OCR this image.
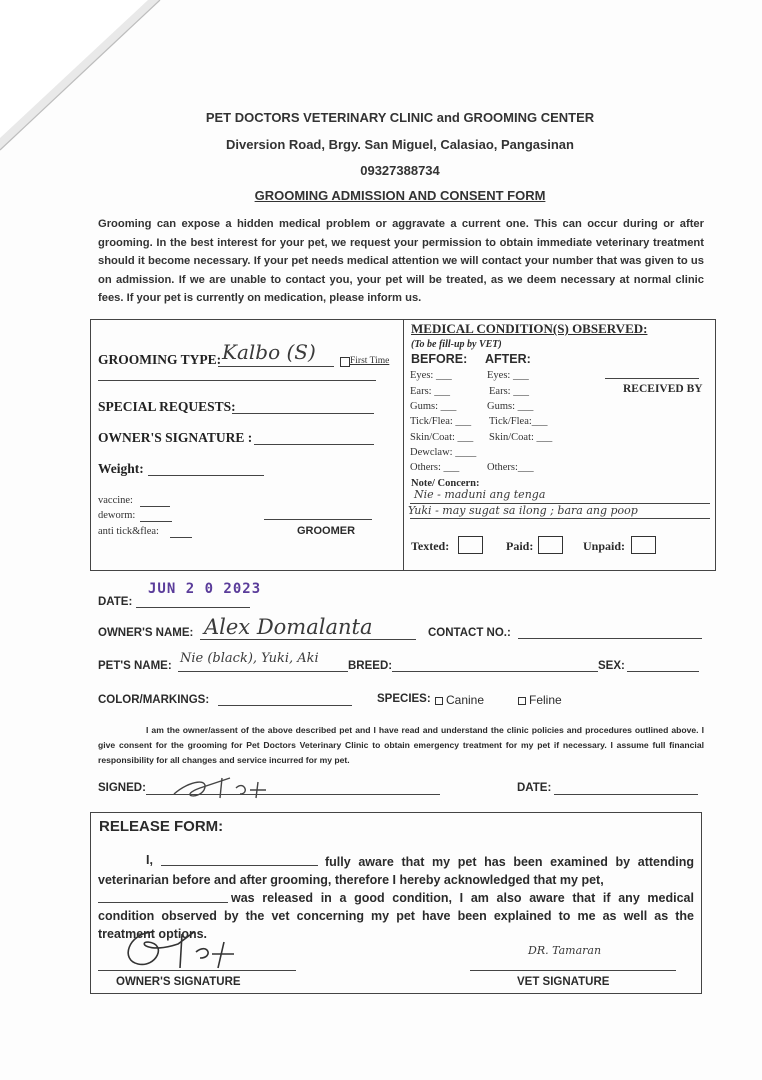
PET DOCTORS VETERINARY CLINIC and GROOMING CENTER
Diversion Road, Brgy. San Miguel, Calasiao, Pangasinan
09327388734
GROOMING ADMISSION AND CONSENT FORM
Grooming can expose a hidden medical problem or aggravate a current one. This can occur during or after grooming. In the best interest for your pet, we request your permission to obtain immediate veterinary treatment should it become necessary. If your pet needs medical attention we will contact your number that was given to us on admission. If we are unable to contact you, your pet will be treated, as we deem necessary at normal clinic fees. If your pet is currently on medication, please inform us.
GROOMING TYPE: Kalbo (S)	First Time
SPECIAL REQUESTS:
OWNER'S SIGNATURE :
Weight:
vaccine:
deworm:
anti tick&flea:	GROOMER
MEDICAL CONDITION(S) OBSERVED:
(To be fill-up by VET)
BEFORE: AFTER:
Eyes: ___	Eyes: ___
Ears: ___	Ears: ___
Gums: ___	Gums: ___
Tick/Flea: ___ Tick/Flea:___
Skin/Coat: ___ Skin/Coat: ___
Dewclaw: ____
Others: ___	Others:___
RECEIVED BY
Note/ Concern:
Nie - maduni ang tenga
Yuki - may sugat sa ilong ; bara ang poop
Texted:	Paid:	Unpaid:
DATE:
JUN 2 0 2023
OWNER'S NAME: Alex Domalanta	CONTACT NO.:
PET'S NAME: Nie (black), Yuki, Aki	BREED:	SEX:
COLOR/MARKINGS:	SPECIES: Canine	Feline
I am the owner/assent of the above described pet and I have read and understand the clinic policies and procedures outlined above. I give consent for the grooming for Pet Doctors Veterinary Clinic to obtain emergency treatment for my pet if necessary. I assume full financial responsibility for all changes and service incurred for my pet.
SIGNED:	DATE:
RELEASE FORM:
I,	fully aware that my pet has been examined by attending veterinarian before and after grooming, therefore I hereby acknowledged that my pet,
was released in a good condition, I am also aware that if any medical condition observed by the vet concerning my pet have been explained to me as well as the treatment options.
OWNER'S SIGNATURE
DR. Tamaran
VET SIGNATURE
